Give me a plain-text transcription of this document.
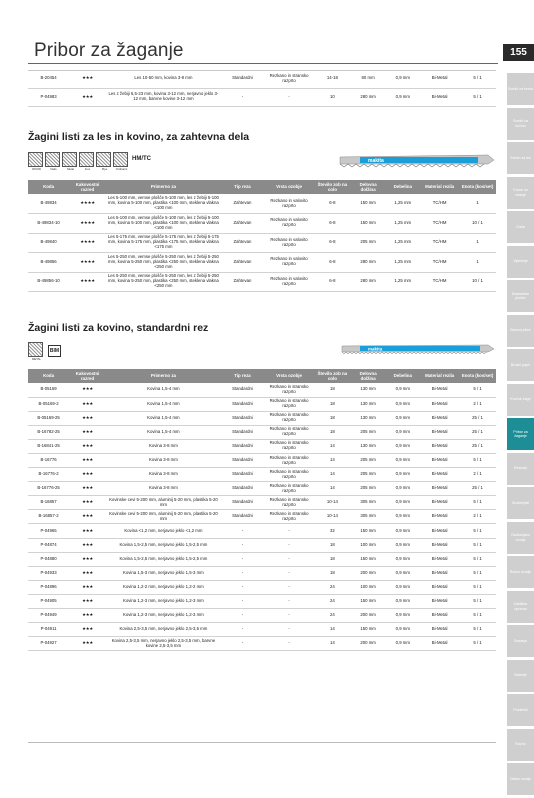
Pribor za žaganje	155
Svedri za beton
Svedri za kovino
Svedri za les
Krone za vrtanje
Dleta
Vijačenje
Diamantne plošče
Brusni pribor
Brusni papir
Krožne žage
Pribor za žaganje
Rezkarji
Skobeljniki
Oscilacijsko orodje
Ročno orodje
Zaščitna oprema
Sesanje
Baterije
Polnilniki
Razno
Ostalo orodje
B-20454	★★★	Les 10-50 mm, kovina 3-8 mm	Standardni	Rezkano in stransko razprto	14-18	80 mm	0,9 mm	Bi-Metal	5 / 1
P-04983	★★★	Les z žebiji 6,5-23 mm, kovina 3-12 mm, nerjavno jeklo 3-12 mm, barvne kovine 3-12 mm	-	-	10	280 mm	0,9 mm	Bi-Metal	5 / 1
Žagini listi za les in kovino, za zahtevna dela
WOOD	Nails	Metal	Inox	Pipe	Ordinarni
HM/TC	makita
Koda	Kakovostni razred	Primerno za	Tip reza	Vrsta ozobje	Število zob na colo	Delovna dolžina	Debelina	Material rezila	Enota (kos/set)
B-49834	★★★★	Les 5-100 mm, vemse plošče 5-100 mm, les z žebiji 5-100 mm, kovina 5-100 mm, plastika <100 mm, steklena vlakna <100 mm	Zahtevan	Rezkano in valovito razprto	6-8	150 mm	1,25 mm	TC/HM	1
B-49834-10	★★★★	Les 5-100 mm, vemse plošče 5-100 mm, les z žebiji 5-100 mm, kovina 5-100 mm, plastika <100 mm, steklena vlakna <100 mm	Zahtevan	Rezkano in valovito razprto	6-8	150 mm	1,25 mm	TC/HM	10 / 1
B-49840	★★★★	Les 5-175 mm, vemse plošče 5-175 mm, les z žebiji 5-175 mm, kovina 5-175 mm, plastika <175 mm, steklena vlakna <175 mm	Zahtevan	Rezkano in valovito razprto	6-8	205 mm	1,25 mm	TC/HM	1
B-49856	★★★★	Les 5-250 mm, vemse plošče 5-250 mm, les z žebiji 5-250 mm, kovina 5-250 mm, plastika <250 mm, steklena vlakna <250 mm	Zahtevan	Rezkano in valovito razprto	6-8	280 mm	1,25 mm	TC/HM	1
B-49856-10	★★★★	Les 5-250 mm, vemse plošče 5-250 mm, les z žebiji 5-250 mm, kovina 5-250 mm, plastika <250 mm, steklena vlakna <250 mm	Zahtevan	Rezkano in valovito razprto	6-8	280 mm	1,25 mm	TC/HM	10 / 1
Žagini listi za kovino, standardni rez
METAL
BIM	makita
Koda	Kakovostni razred	Primerno za	Tip reza	Vrsta ozobje	Število zob na colo	Delovna dolžina	Debelina	Material rezila	Enota (kos/set)
B-05169	★★★	Kovina 1,5-4 mm	Standardni	Rezkano in stransko razprto	18	130 mm	0,9 mm	Bi-Metal	5 / 1
B-05169-2	★★★	Kovina 1,5-4 mm	Standardni	Rezkano in stransko razprto	18	130 mm	0,9 mm	Bi-Metal	2 / 1
B-05169-25	★★★	Kovina 1,5-4 mm	Standardni	Rezkano in stransko razprto	18	130 mm	0,9 mm	Bi-Metal	25 / 1
B-16782-25	★★★	Kovina 1,5-4 mm	Standardni	Rezkano in stransko razprto	18	205 mm	0,9 mm	Bi-Metal	25 / 1
B-16841-25	★★★	Kovina 3-8 mm	Standardni	Rezkano in stransko razprto	14	130 mm	0,9 mm	Bi-Metal	25 / 1
B-16776	★★★	Kovina 3-8 mm	Standardni	Rezkano in stransko razprto	14	205 mm	0,9 mm	Bi-Metal	5 / 1
B-16776-2	★★★	Kovina 3-8 mm	Standardni	Rezkano in stransko razprto	14	205 mm	0,9 mm	Bi-Metal	2 / 1
B-16776-25	★★★	Kovina 3-8 mm	Standardni	Rezkano in stransko razprto	14	205 mm	0,9 mm	Bi-Metal	25 / 1
B-16857	★★★	Kovinske cevi 5-200 mm, aluminij 5-20 mm, plastika 5-20 mm	Standardni	Rezkano in stransko razprto	10-14	305 mm	0,9 mm	Bi-Metal	5 / 1
B-16857-2	★★★	Kovinske cevi 5-200 mm, aluminij 5-20 mm, plastika 5-20 mm	Standardni	Rezkano in stransko razprto	10-14	305 mm	0,9 mm	Bi-Metal	2 / 1
P-04965	★★★	Kovina <1,2 mm, nerjavno jeklo <1,2 mm	-	-	32	150 mm	0,9 mm	Bi-Metal	5 / 1
P-04874	★★★	Kovina 1,5-2,5 mm, nerjavno jeklo 1,5-2,5 mm	-	-	18	100 mm	0,9 mm	Bi-Metal	5 / 1
P-04880	★★★	Kovina 1,5-2,5 mm, nerjavno jeklo 1,5-2,5 mm	-	-	18	150 mm	0,9 mm	Bi-Metal	5 / 1
P-04933	★★★	Kovina 1,5-3 mm, nerjavno jeklo 1,5-3 mm	-	-	18	200 mm	0,9 mm	Bi-Metal	5 / 1
P-04896	★★★	Kovina 1,2-2 mm, nerjavno jeklo 1,2-2 mm	-	-	24	100 mm	0,9 mm	Bi-Metal	5 / 1
P-04905	★★★	Kovina 1,2-3 mm, nerjavno jeklo 1,2-3 mm	-	-	24	150 mm	0,9 mm	Bi-Metal	5 / 1
P-04949	★★★	Kovina 1,2-3 mm, nerjavno jeklo 1,2-3 mm	-	-	24	200 mm	0,9 mm	Bi-Metal	5 / 1
P-04911	★★★	Kovina 2,5-3,5 mm, nerjavno jeklo 2,5-3,5 mm	-	-	14	150 mm	0,9 mm	Bi-Metal	5 / 1
P-04927	★★★	Kovina 2,5-3,5 mm, nerjavno jeklo 2,5-3,5 mm, barvne kovine 2,5-3,5 mm	-	-	14	200 mm	0,9 mm	Bi-Metal	5 / 1
